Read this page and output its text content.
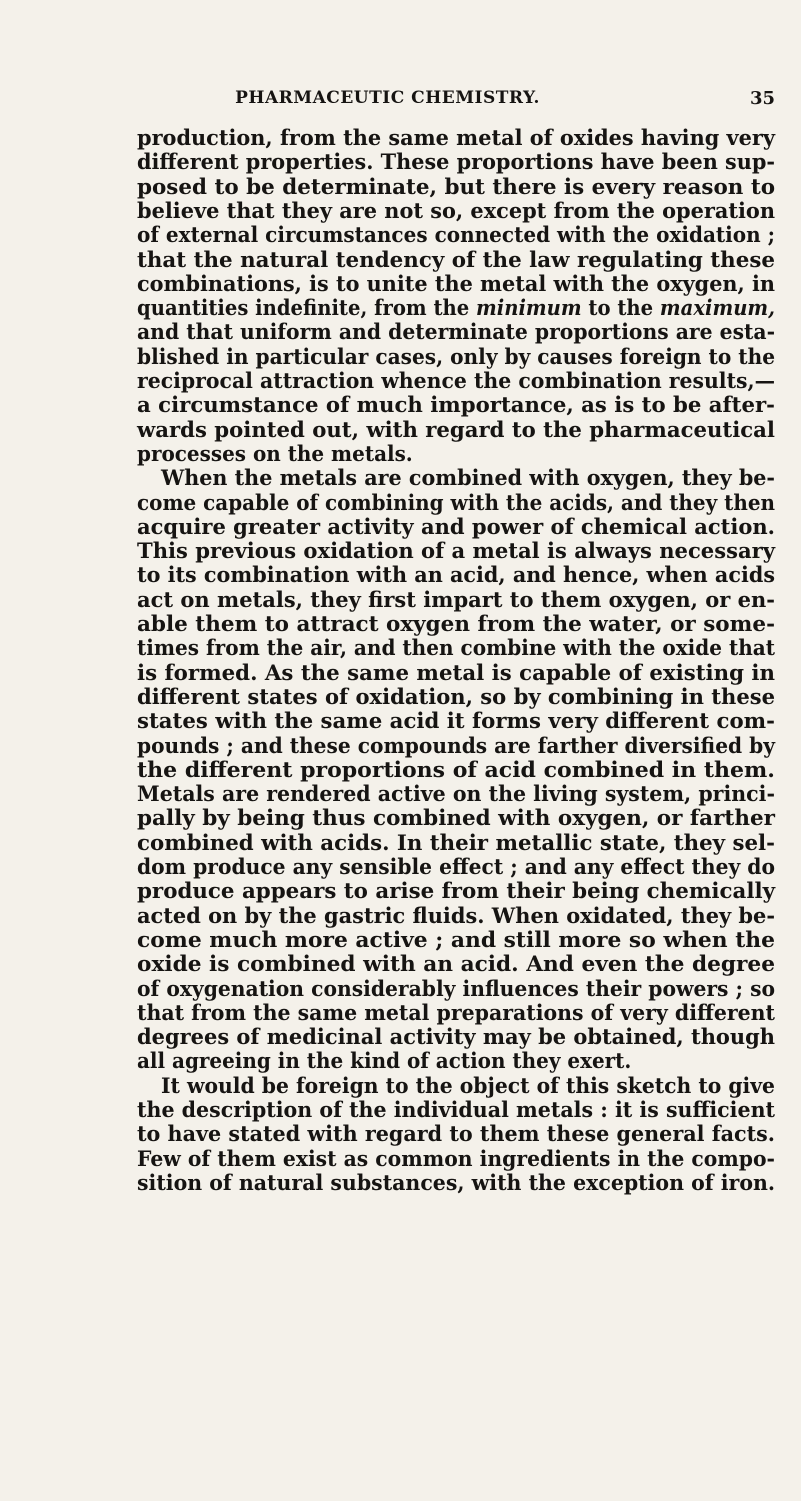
PHARMACEUTIC CHEMISTRY.	35
production, from the same metal of oxides having very
different properties. These proportions have been sup-
posed to be determinate, but there is every reason to
believe that they are not so, except from the operation
of external circumstances connected with the oxidation ;
that the natural tendency of the law regulating these
combinations, is to unite the metal with the oxygen, in
quantities indefinite, from the minimum to the maximum,
and that uniform and determinate proportions are esta-
blished in particular cases, only by causes foreign to the
reciprocal attraction whence the combination results,—
a circumstance of much importance, as is to be after-
wards pointed out, with regard to the pharmaceutical
processes on the metals.
When the metals are combined with oxygen, they be-
come capable of combining with the acids, and they then
acquire greater activity and power of chemical action.
This previous oxidation of a metal is always necessary
to its combination with an acid, and hence, when acids
act on metals, they first impart to them oxygen, or en-
able them to attract oxygen from the water, or some-
times from the air, and then combine with the oxide that
is formed. As the same metal is capable of existing in
different states of oxidation, so by combining in these
states with the same acid it forms very different com-
pounds ; and these compounds are farther diversified by
the different proportions of acid combined in them.
Metals are rendered active on the living system, princi-
pally by being thus combined with oxygen, or farther
combined with acids. In their metallic state, they sel-
dom produce any sensible effect ; and any effect they do
produce appears to arise from their being chemically
acted on by the gastric fluids. When oxidated, they be-
come much more active ; and still more so when the
oxide is combined with an acid. And even the degree
of oxygenation considerably influences their powers ; so
that from the same metal preparations of very different
degrees of medicinal activity may be obtained, though
all agreeing in the kind of action they exert.
It would be foreign to the object of this sketch to give
the description of the individual metals : it is sufficient
to have stated with regard to them these general facts.
Few of them exist as common ingredients in the compo-
sition of natural substances, with the exception of iron.
